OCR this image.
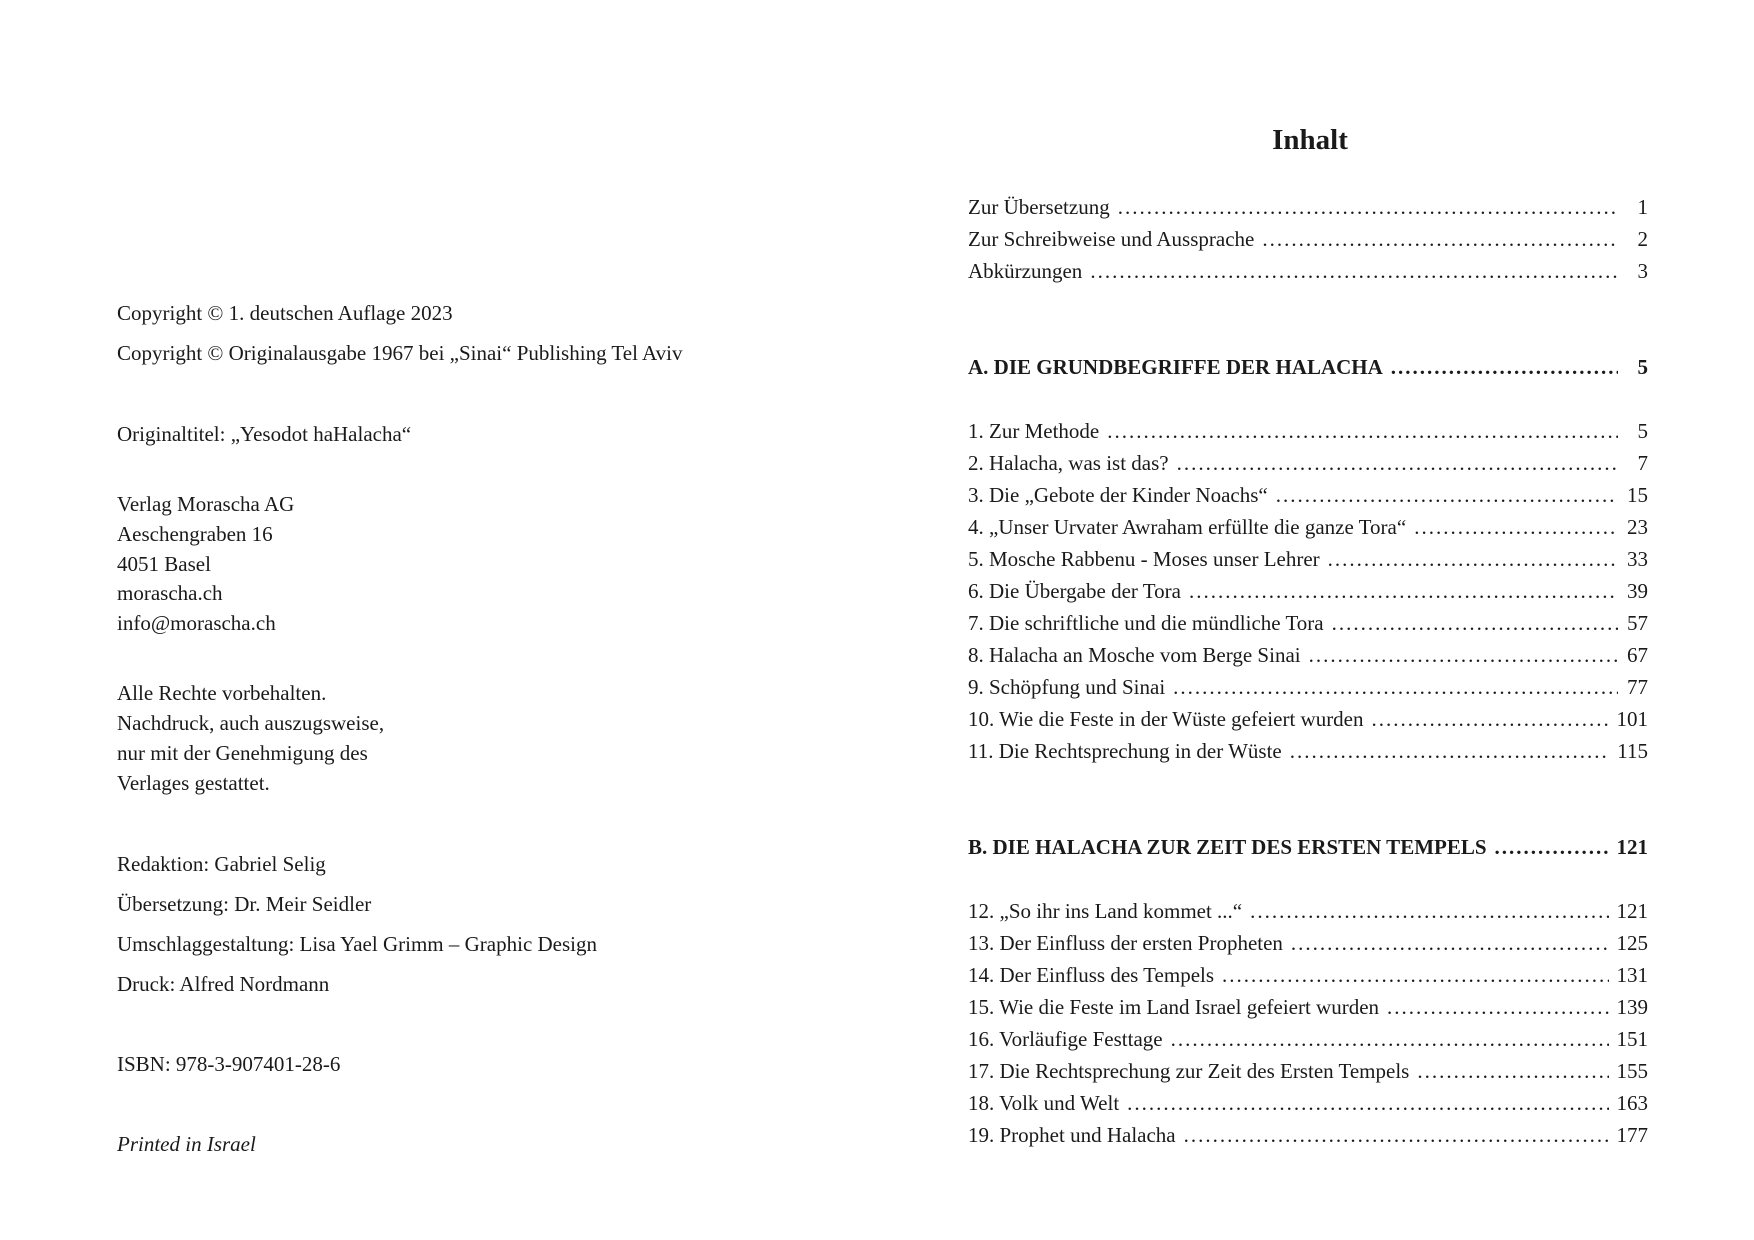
Copyright © 1. deutschen Auflage 2023
Copyright © Originalausgabe 1967 bei „Sinai“ Publishing Tel Aviv
Originaltitel: „Yesodot haHalacha“
Verlag Morascha AG
Aeschengraben 16
4051 Basel
morascha.ch
info@morascha.ch
Alle Rechte vorbehalten.
Nachdruck, auch auszugsweise,
nur mit der Genehmigung des
Verlages gestattet.
Redaktion: Gabriel Selig
Übersetzung: Dr. Meir Seidler
Umschlaggestaltung: Lisa Yael Grimm – Graphic Design
Druck: Alfred Nordmann
ISBN: 978-3-907401-28-6
Printed in Israel
Inhalt
Zur Übersetzung .....	1
Zur Schreibweise und Aussprache .....	2
Abkürzungen .....	3
A. DIE GRUNDBEGRIFFE DER HALACHA .....	5
1. Zur Methode .....	5
2. Halacha, was ist das? .....	7
3. Die „Gebote der Kinder Noachs“ .....	15
4. „Unser Urvater Awraham erfüllte die ganze Tora“ .....	23
5. Mosche Rabbenu - Moses unser Lehrer .....	33
6. Die Übergabe der Tora .....	39
7. Die schriftliche und die mündliche Tora .....	57
8. Halacha an Mosche vom Berge Sinai .....	67
9. Schöpfung und Sinai .....	77
10. Wie die Feste in der Wüste gefeiert wurden .....	101
11. Die Rechtsprechung in der Wüste .....	115
B. DIE HALACHA ZUR ZEIT DES ERSTEN TEMPELS .....	121
12. „So ihr ins Land kommet ...“ .....	121
13. Der Einfluss der ersten Propheten .....	125
14. Der Einfluss des Tempels .....	131
15. Wie die Feste im Land Israel gefeiert wurden .....	139
16. Vorläufige Festtage .....	151
17. Die Rechtsprechung zur Zeit des Ersten Tempels .....	155
18. Volk und Welt .....	163
19. Prophet und Halacha .....	177
